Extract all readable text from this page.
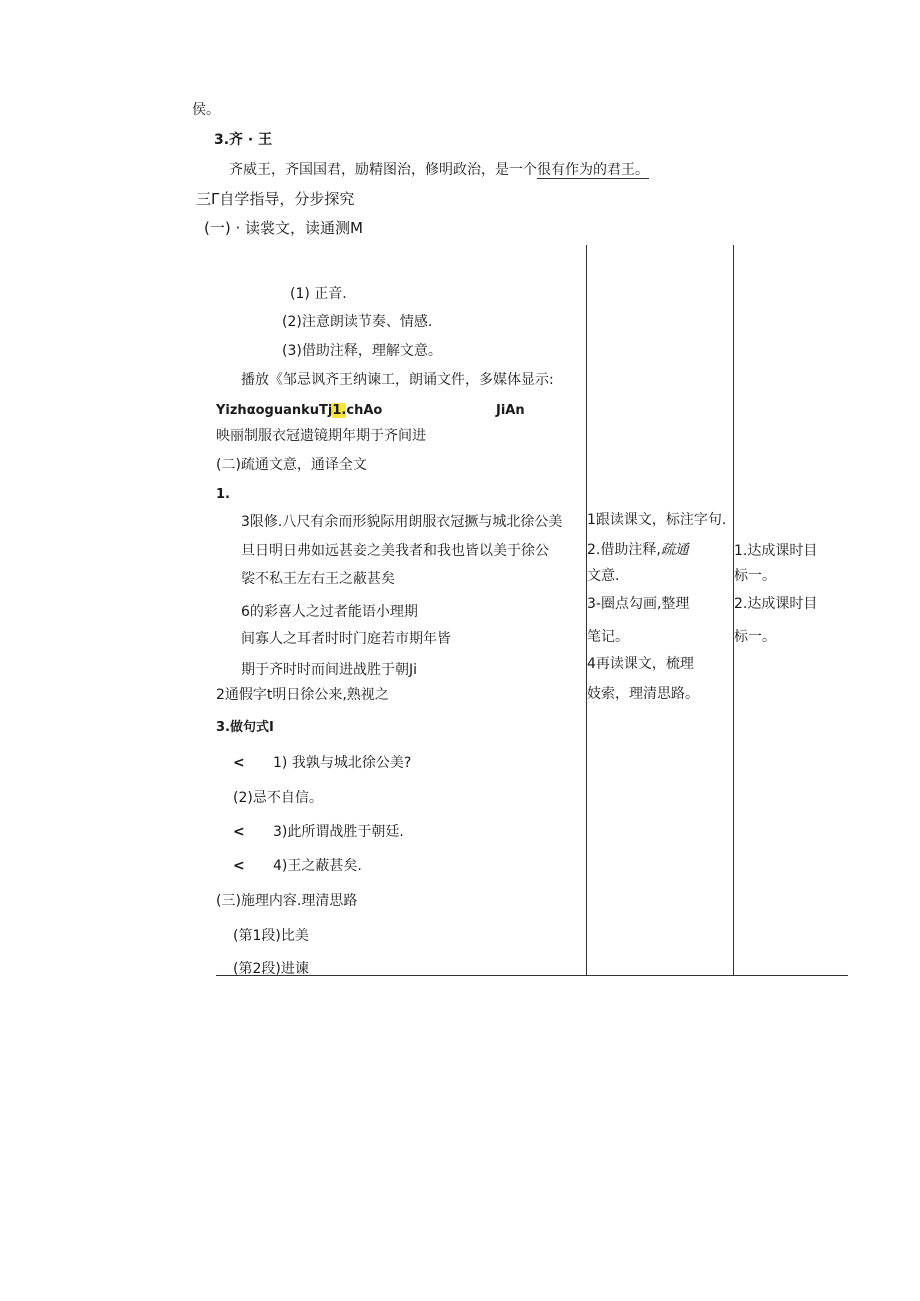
侯。
3.齐 · 王
齐威王，齐国国君，励精图治，修明政治，是一个很有作为的君王。
三Γ自学指导，分步探究
(一) · 读裳文，读通测M
(1) 正音.
(2)注意朗读节奏、情感.
(3)借助注释，理解文意。
播放《邹忌讽齐王纳谏工，朗诵文件，多媒体显示:
YizhαoguankuTj1.chAo	JiAn
映丽制服衣冠遗镜期年期于齐间进
(二)疏通文意，通译全文
1.
3限修.八尺有余而形貌际用朗服衣冠撅与城北徐公美
旦日明日弗如远甚妾之美我者和我也皆以美于徐公
裟不私王左右王之蔽甚矣
6的彩喜人之过者能语小理期
间寡人之耳者时时门庭若市期年皆
期于齐时时而间进战胜于朝Ji
2通假字t明日徐公来,熟视之
3.做句式I
< 1) 我孰与城北徐公美?
(2)忌不自信。
< 3)此所谓战胜于朝廷.
< 4)王之蔽甚矣.
(三)施理内容.理清思路
(第1段)比美
(第2段)进谏
1跟读课文，标注字句.
2.借助注释,疏通
文意.
3-圈点勾画,整理
笔记。
4再读课文，梳理
妓索，理清思路。
1.达成课时目
标一。
2.达成课时目
标一。
